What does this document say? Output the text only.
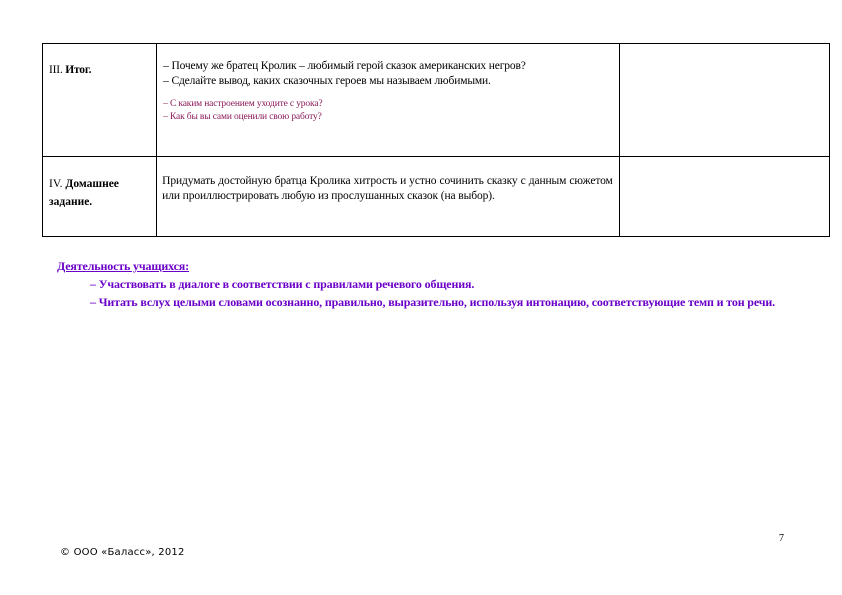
III. Итог.	– Почему же братец Кролик – любимый герой сказок американских негров?
– Сделайте вывод, каких сказочных героев мы называем любимыми.
– С каким настроением уходите с урока?
– Как бы вы сами оценили свою работу?	

IV. Домашнее
задание.	Придумать достойную братца Кролика хитрость и устно сочинить сказку с данным сюжетом или проиллюстрировать любую из прослушанных сказок (на выбор).	

Деятельность учащихся:
– Участвовать в диалоге в соответствии с правилами речевого общения.
– Читать вслух целыми словами осознанно, правильно, выразительно, используя интонацию, соответствующие темп и тон речи.
7
© ООО «Баласс», 2012
